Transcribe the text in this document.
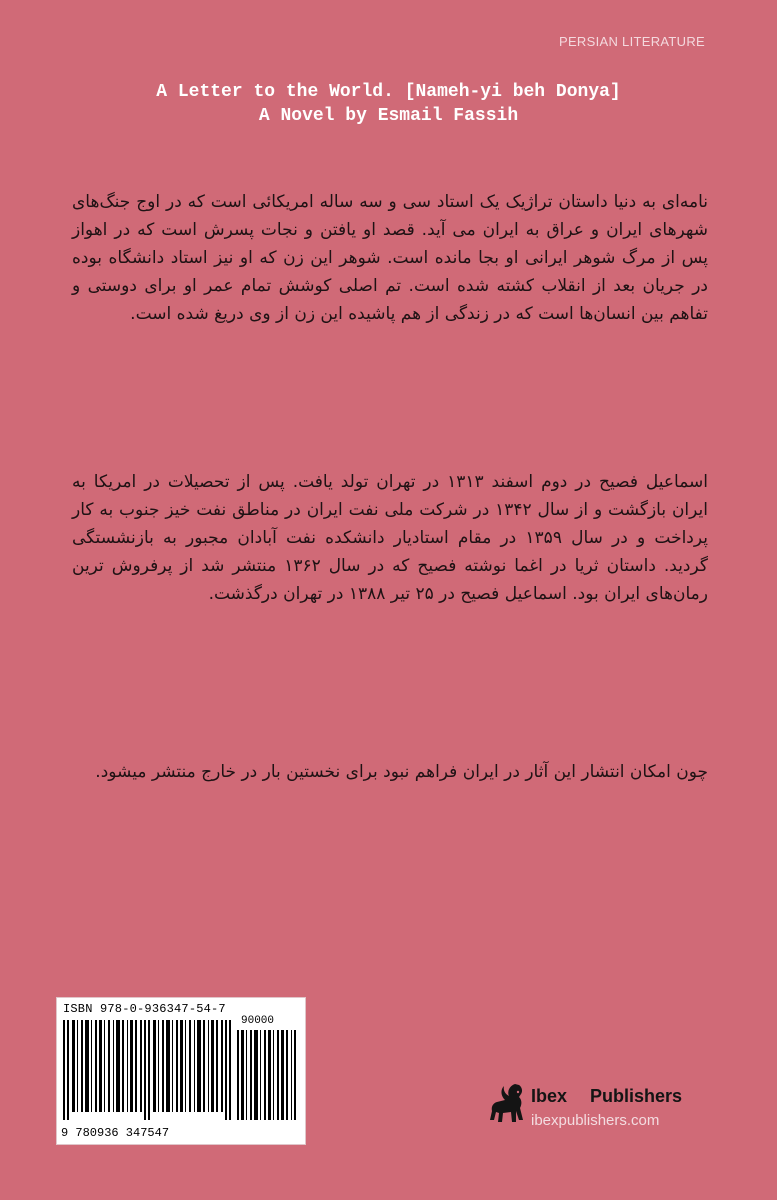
PERSIAN LITERATURE
A Letter to the World. [Nameh-yi beh Donya]
A Novel by Esmail Fassih
نامه‌ای به دنیا داستان تراژیک یک استاد سی و سه ساله امریکائی است که در اوج جنگ‌های شهرهای ایران و عراق به ایران می آید. قصد او یافتن و نجات پسرش است که در اهواز پس از مرگ شوهر ایرانی او بجا مانده است. شوهر این زن که او نیز استاد دانشگاه بوده در جریان بعد از انقلاب کشته شده است. تم اصلی کوشش تمام عمر او برای دوستی و تفاهم بین انسان‌ها است که در زندگی از هم پاشیده این زن از وی دریغ شده است.
اسماعیل فصیح در دوم اسفند ۱۳۱۳ در تهران تولد یافت. پس از تحصیلات در امریکا به ایران بازگشت و از سال ۱۳۴۲ در شرکت ملی نفت ایران در مناطق نفت خیز جنوب به کار پرداخت و در سال ۱۳۵۹ در مقام استادیار دانشکده نفت آبادان مجبور به بازنشستگی گردید. داستان ثریا در اغما نوشته فصیح که در سال ۱۳۶۲ منتشر شد از پرفروش ترین رمان‌های ایران بود. اسماعیل فصیح در ۲۵ تیر ۱۳۸۸ در تهران درگذشت.
چون امکان انتشار این آثار در ایران فراهم نبود برای نخستین بار در خارج منتشر میشود.
ISBN 978-0-936347-54-7
90000
9 780936 347547
Ibex Publishers
ibexpublishers.com
